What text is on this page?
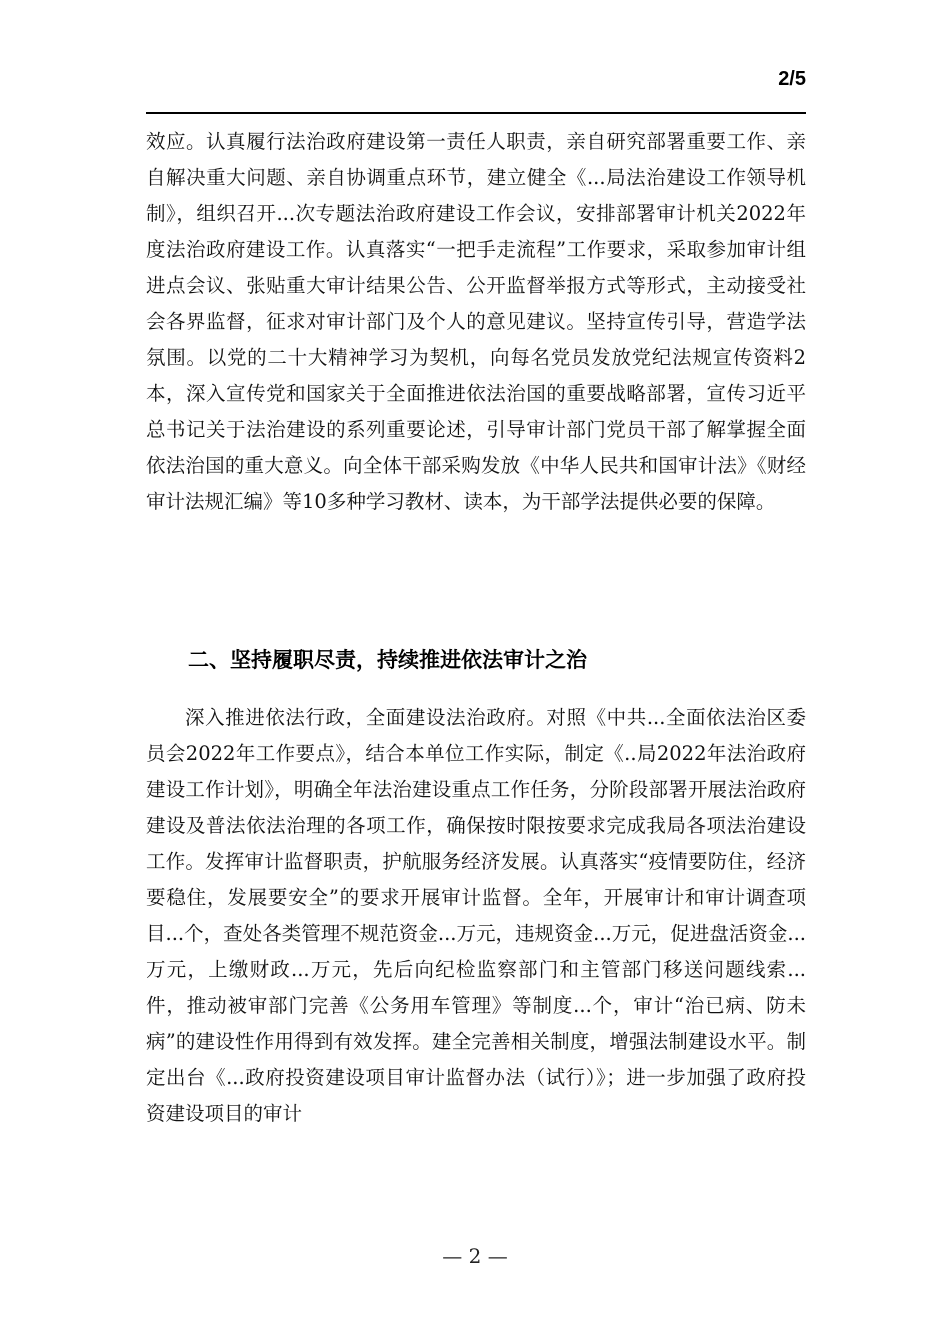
2/5

效应。认真履行法治政府建设第一责任人职责，亲自研究部署重要工作、亲自解决重大问题、亲自协调重点环节，建立健全《...局法治建设工作领导机制》，组织召开...次专题法治政府建设工作会议，安排部署审计机关2022年度法治政府建设工作。认真落实“一把手走流程”工作要求，采取参加审计组进点会议、张贴重大审计结果公告、公开监督举报方式等形式，主动接受社会各界监督，征求对审计部门及个人的意见建议。坚持宣传引导，营造学法氛围。以党的二十大精神学习为契机，向每名党员发放党纪法规宣传资料2本，深入宣传党和国家关于全面推进依法治国的重要战略部署，宣传习近平总书记关于法治建设的系列重要论述，引导审计部门党员干部了解掌握全面依法治国的重大意义。向全体干部采购发放《中华人民共和国审计法》《财经审计法规汇编》等10多种学习教材、读本，为干部学法提供必要的保障。

二、坚持履职尽责，持续推进依法审计之治

深入推进依法行政，全面建设法治政府。对照《中共...全面依法治区委员会2022年工作要点》，结合本单位工作实际，制定《..局2022年法治政府建设工作计划》，明确全年法治建设重点工作任务，分阶段部署开展法治政府建设及普法依法治理的各项工作，确保按时限按要求完成我局各项法治建设工作。发挥审计监督职责，护航服务经济发展。认真落实“疫情要防住，经济要稳住，发展要安全”的要求开展审计监督。全年，开展审计和审计调查项目...个，查处各类管理不规范资金...万元，违规资金...万元，促进盘活资金...万元，上缴财政...万元，先后向纪检监察部门和主管部门移送问题线索...件，推动被审部门完善《公务用车管理》等制度...个，审计“治已病、防未病”的建设性作用得到有效发挥。建全完善相关制度，增强法制建设水平。制定出台《...政府投资建设项目审计监督办法（试行）》；进一步加强了政府投资建设项目的审计

— 2 —
